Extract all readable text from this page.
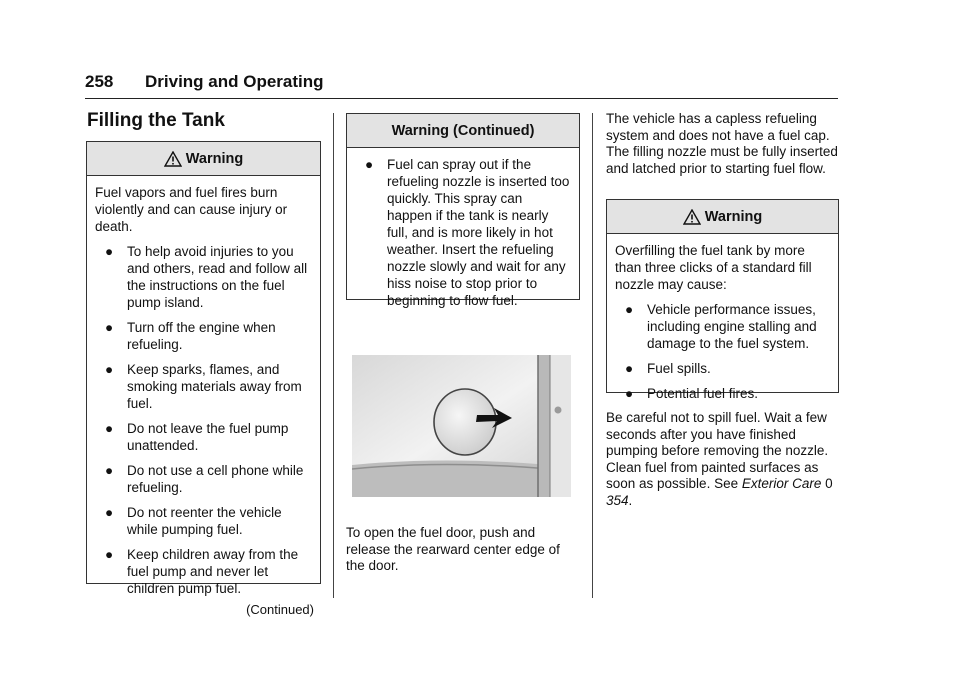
258 Driving and Operating
Filling the Tank
Warning
Fuel vapors and fuel fires burn violently and can cause injury or death.
● To help avoid injuries to you and others, read and follow all the instructions on the fuel pump island.
● Turn off the engine when refueling.
● Keep sparks, flames, and smoking materials away from fuel.
● Do not leave the fuel pump unattended.
● Do not use a cell phone while refueling.
● Do not reenter the vehicle while pumping fuel.
● Keep children away from the fuel pump and never let children pump fuel.
(Continued)
Warning (Continued)
● Fuel can spray out if the refueling nozzle is inserted too quickly. This spray can happen if the tank is nearly full, and is more likely in hot weather. Insert the refueling nozzle slowly and wait for any hiss noise to stop prior to beginning to flow fuel.
To open the fuel door, push and release the rearward center edge of the door.
The vehicle has a capless refueling system and does not have a fuel cap. The filling nozzle must be fully inserted and latched prior to starting fuel flow.
Warning
Overfilling the fuel tank by more than three clicks of a standard fill nozzle may cause:
● Vehicle performance issues, including engine stalling and damage to the fuel system.
● Fuel spills.
● Potential fuel fires.
Be careful not to spill fuel. Wait a few seconds after you have finished pumping before removing the nozzle. Clean fuel from painted surfaces as soon as possible. See Exterior Care 0 354.
